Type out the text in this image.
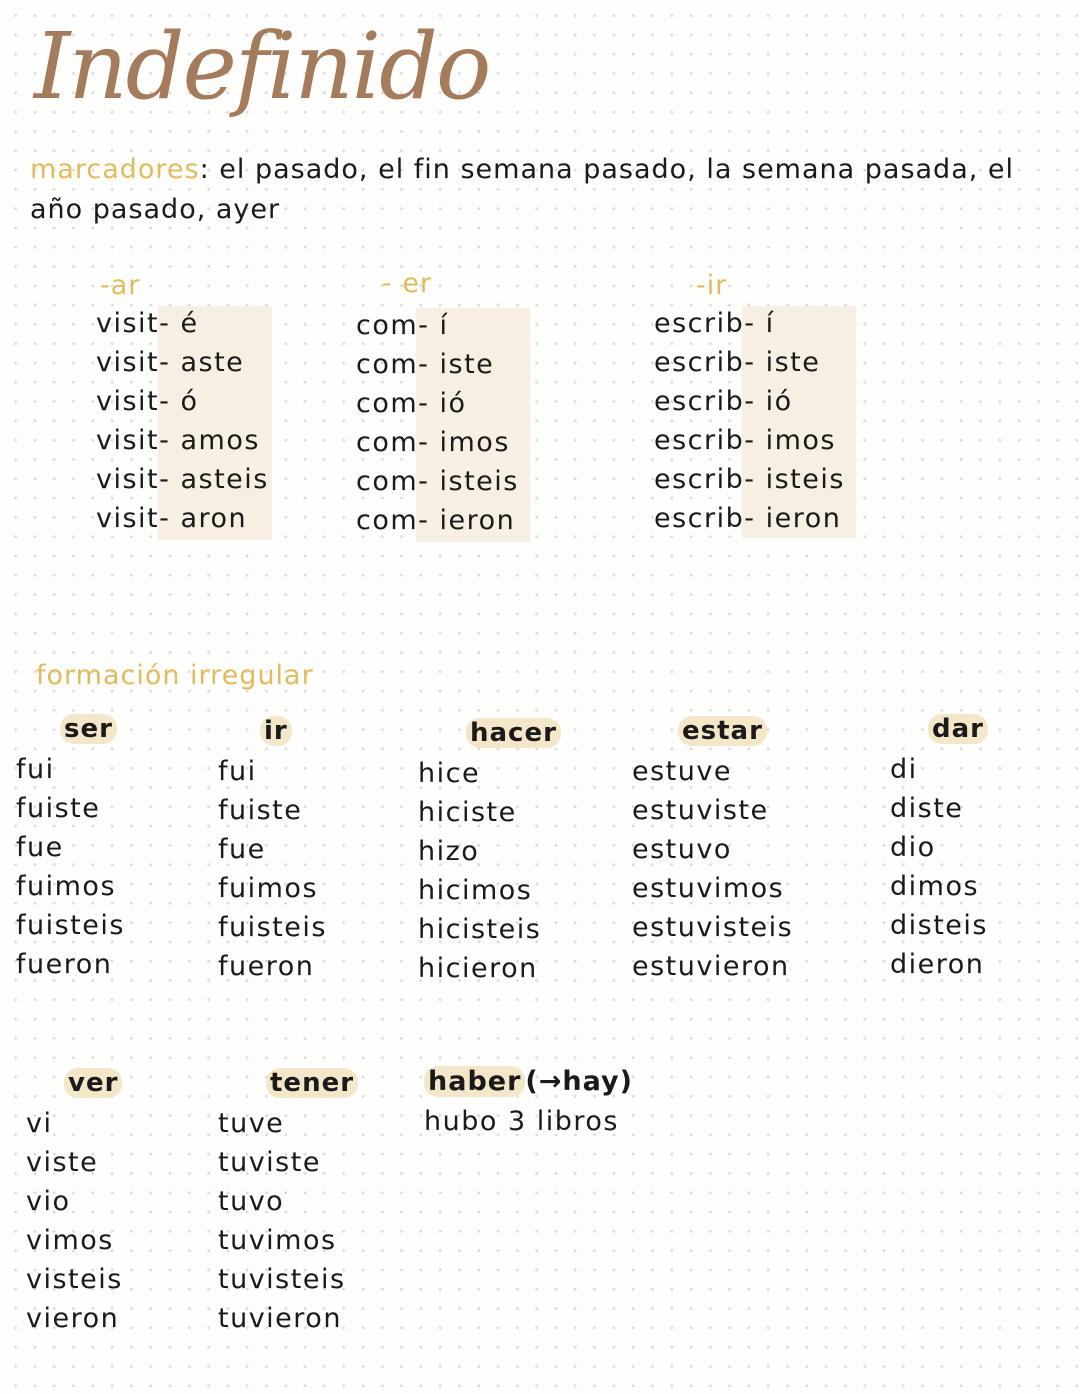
Indefinido
marcadores: el pasado, el fin semana pasado, la semana pasada, el año pasado, ayer
-ar
visit- é
visit- aste
visit- ó
visit- amos
visit- asteis
visit- aron
- er
com- í
com- iste
com- ió
com- imos
com- isteis
com- ieron
-ir
escrib- í
escrib- iste
escrib- ió
escrib- imos
escrib- isteis
escrib- ieron
formación irregular
ser
fui
fuiste
fue
fuimos
fuisteis
fueron
ir
fui
fuiste
fue
fuimos
fuisteis
fueron
hacer
hice
hiciste
hizo
hicimos
hicisteis
hicieron
estar
estuve
estuviste
estuvo
estuvimos
estuvisteis
estuvieron
dar
di
diste
dio
dimos
disteis
dieron
ver
vi
viste
vio
vimos
visteis
vieron
tener
tuve
tuviste
tuvo
tuvimos
tuvisteis
tuvieron
haber (→hay)
hubo 3 libros
